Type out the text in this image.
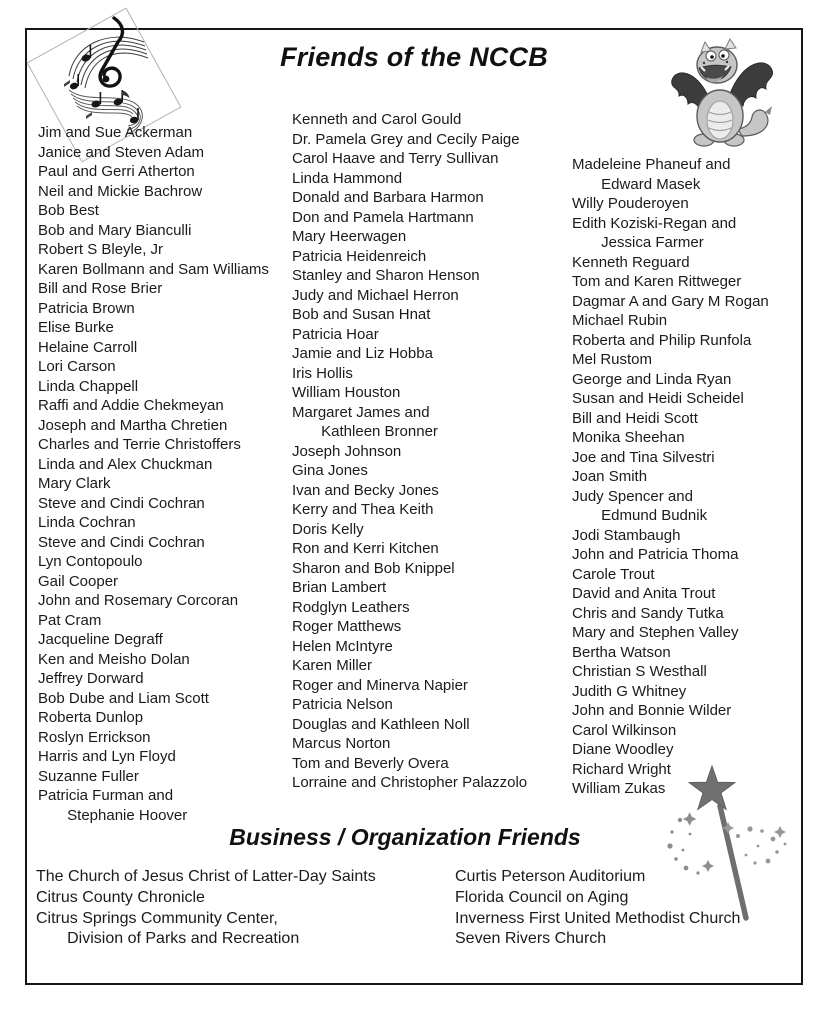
Friends of the NCCB
Jim and Sue Ackerman
Janice and Steven Adam
Paul and Gerri Atherton
Neil and Mickie Bachrow
Bob Best
Bob and Mary Bianculli
Robert S Bleyle, Jr
Karen Bollmann and Sam Williams
Bill and Rose Brier
Patricia Brown
Elise Burke
Helaine Carroll
Lori Carson
Linda Chappell
Raffi and Addie Chekmeyan
Joseph and Martha Chretien
Charles and Terrie Christoffers
Linda and Alex Chuckman
Mary Clark
Steve and Cindi Cochran
Linda Cochran
Steve and Cindi Cochran
Lyn Contopoulo
Gail Cooper
John and Rosemary Corcoran
Pat Cram
Jacqueline Degraff
Ken and Meisho Dolan
Jeffrey Dorward
Bob Dube and Liam Scott
Roberta Dunlop
Roslyn Errickson
Harris and Lyn Floyd
Suzanne Fuller
Patricia Furman and
Stephanie Hoover
Kenneth and Carol Gould
Dr. Pamela Grey and Cecily Paige
Carol Haave and Terry Sullivan
Linda Hammond
Donald and Barbara Harmon
Don and Pamela Hartmann
Mary Heerwagen
Patricia Heidenreich
Stanley and Sharon Henson
Judy and Michael Herron
Bob and Susan Hnat
Patricia Hoar
Jamie and Liz Hobba
Iris Hollis
William Houston
Margaret James and
Kathleen Bronner
Joseph Johnson
Gina Jones
Ivan and Becky Jones
Kerry and Thea Keith
Doris Kelly
Ron and Kerri Kitchen
Sharon and Bob Knippel
Brian Lambert
Rodglyn Leathers
Roger Matthews
Helen McIntyre
Karen Miller
Roger and Minerva Napier
Patricia Nelson
Douglas and Kathleen Noll
Marcus Norton
Tom and Beverly Overa
Lorraine and Christopher Palazzolo
Madeleine Phaneuf and
Edward Masek
Willy Pouderoyen
Edith Koziski-Regan and
Jessica Farmer
Kenneth Reguard
Tom and Karen Rittweger
Dagmar A and Gary M Rogan
Michael Rubin
Roberta and Philip Runfola
Mel Rustom
George and Linda Ryan
Susan and Heidi Scheidel
Bill and Heidi Scott
Monika Sheehan
Joe and Tina Silvestri
Joan Smith
Judy Spencer and
Edmund Budnik
Jodi Stambaugh
John and Patricia Thoma
Carole Trout
David and Anita Trout
Chris and Sandy Tutka
Mary and Stephen Valley
Bertha Watson
Christian S Westhall
Judith G Whitney
John and Bonnie Wilder
Carol Wilkinson
Diane Woodley
Richard Wright
William Zukas
Business / Organization Friends
The Church of Jesus Christ of Latter-Day Saints
Citrus County Chronicle
Citrus Springs Community Center,
Division of Parks and Recreation
Curtis Peterson Auditorium
Florida Council on Aging
Inverness First United Methodist Church
Seven Rivers Church
